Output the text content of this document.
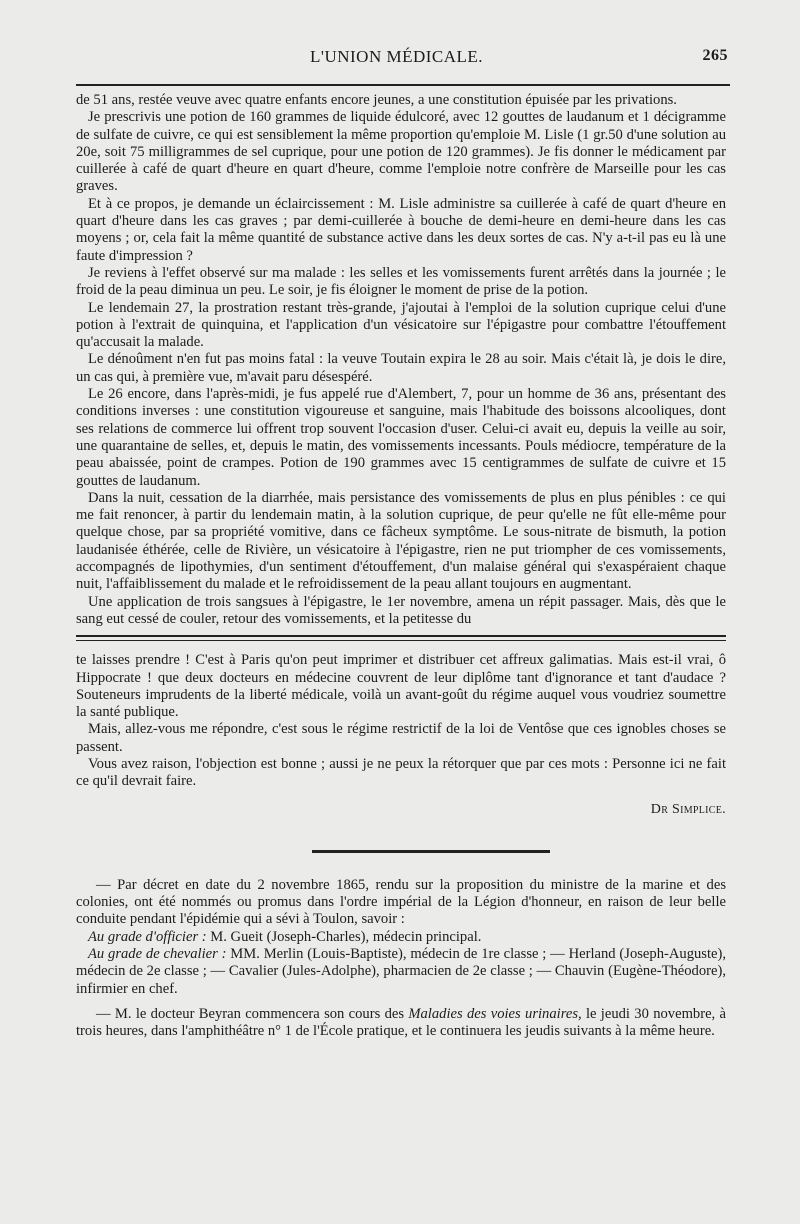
L'UNION MÉDICALE.	265

de 51 ans, restée veuve avec quatre enfants encore jeunes, a une constitution épuisée par les privations.

Je prescrivis une potion de 160 grammes de liquide édulcoré, avec 12 gouttes de laudanum et 1 décigramme de sulfate de cuivre, ce qui est sensiblement la même proportion qu'emploie M. Lisle (1 gr.50 d'une solution au 20e, soit 75 milligrammes de sel cuprique, pour une potion de 120 grammes). Je fis donner le médicament par cuillerée à café de quart d'heure en quart d'heure, comme l'emploie notre confrère de Marseille pour les cas graves.

Et à ce propos, je demande un éclaircissement : M. Lisle administre sa cuillerée à café de quart d'heure en quart d'heure dans les cas graves ; par demi-cuillerée à bouche de demi-heure en demi-heure dans les cas moyens ; or, cela fait la même quantité de substance active dans les deux sortes de cas. N'y a-t-il pas eu là une faute d'impression ?

Je reviens à l'effet observé sur ma malade : les selles et les vomissements furent arrêtés dans la journée ; le froid de la peau diminua un peu. Le soir, je fis éloigner le moment de prise de la potion.

Le lendemain 27, la prostration restant très-grande, j'ajoutai à l'emploi de la solution cuprique celui d'une potion à l'extrait de quinquina, et l'application d'un vésicatoire sur l'épigastre pour combattre l'étouffement qu'accusait la malade.

Le dénoûment n'en fut pas moins fatal : la veuve Toutain expira le 28 au soir. Mais c'était là, je dois le dire, un cas qui, à première vue, m'avait paru désespéré.

Le 26 encore, dans l'après-midi, je fus appelé rue d'Alembert, 7, pour un homme de 36 ans, présentant des conditions inverses : une constitution vigoureuse et sanguine, mais l'habitude des boissons alcooliques, dont ses relations de commerce lui offrent trop souvent l'occasion d'user. Celui-ci avait eu, depuis la veille au soir, une quarantaine de selles, et, depuis le matin, des vomissements incessants. Pouls médiocre, température de la peau abaissée, point de crampes. Potion de 190 grammes avec 15 centigrammes de sulfate de cuivre et 15 gouttes de laudanum.

Dans la nuit, cessation de la diarrhée, mais persistance des vomissements de plus en plus pénibles : ce qui me fait renoncer, à partir du lendemain matin, à la solution cuprique, de peur qu'elle ne fût elle-même pour quelque chose, par sa propriété vomitive, dans ce fâcheux symptôme. Le sous-nitrate de bismuth, la potion laudanisée éthérée, celle de Rivière, un vésicatoire à l'épigastre, rien ne put triompher de ces vomissements, accompagnés de lipothymies, d'un sentiment d'étouffement, d'un malaise général qui s'exaspéraient chaque nuit, l'affaiblissement du malade et le refroidissement de la peau allant toujours en augmentant.

Une application de trois sangsues à l'épigastre, le 1er novembre, amena un répit passager. Mais, dès que le sang eut cessé de couler, retour des vomissements, et la petitesse du

te laisses prendre ! C'est à Paris qu'on peut imprimer et distribuer cet affreux galimatias. Mais est-il vrai, ô Hippocrate ! que deux docteurs en médecine couvrent de leur diplôme tant d'ignorance et tant d'audace ? Souteneurs imprudents de la liberté médicale, voilà un avant-goût du régime auquel vous voudriez soumettre la santé publique.

Mais, allez-vous me répondre, c'est sous le régime restrictif de la loi de Ventôse que ces ignobles choses se passent.

Vous avez raison, l'objection est bonne ; aussi je ne peux la rétorquer que par ces mots : Personne ici ne fait ce qu'il devrait faire.

Dr Simplice.

— Par décret en date du 2 novembre 1865, rendu sur la proposition du ministre de la marine et des colonies, ont été nommés ou promus dans l'ordre impérial de la Légion d'honneur, en raison de leur belle conduite pendant l'épidémie qui a sévi à Toulon, savoir :

Au grade d'officier : M. Gueit (Joseph-Charles), médecin principal.

Au grade de chevalier : MM. Merlin (Louis-Baptiste), médecin de 1re classe ; — Herland (Joseph-Auguste), médecin de 2e classe ; — Cavalier (Jules-Adolphe), pharmacien de 2e classe ; — Chauvin (Eugène-Théodore), infirmier en chef.

— M. le docteur Beyran commencera son cours des Maladies des voies urinaires, le jeudi 30 novembre, à trois heures, dans l'amphithéâtre n° 1 de l'École pratique, et le continuera les jeudis suivants à la même heure.
